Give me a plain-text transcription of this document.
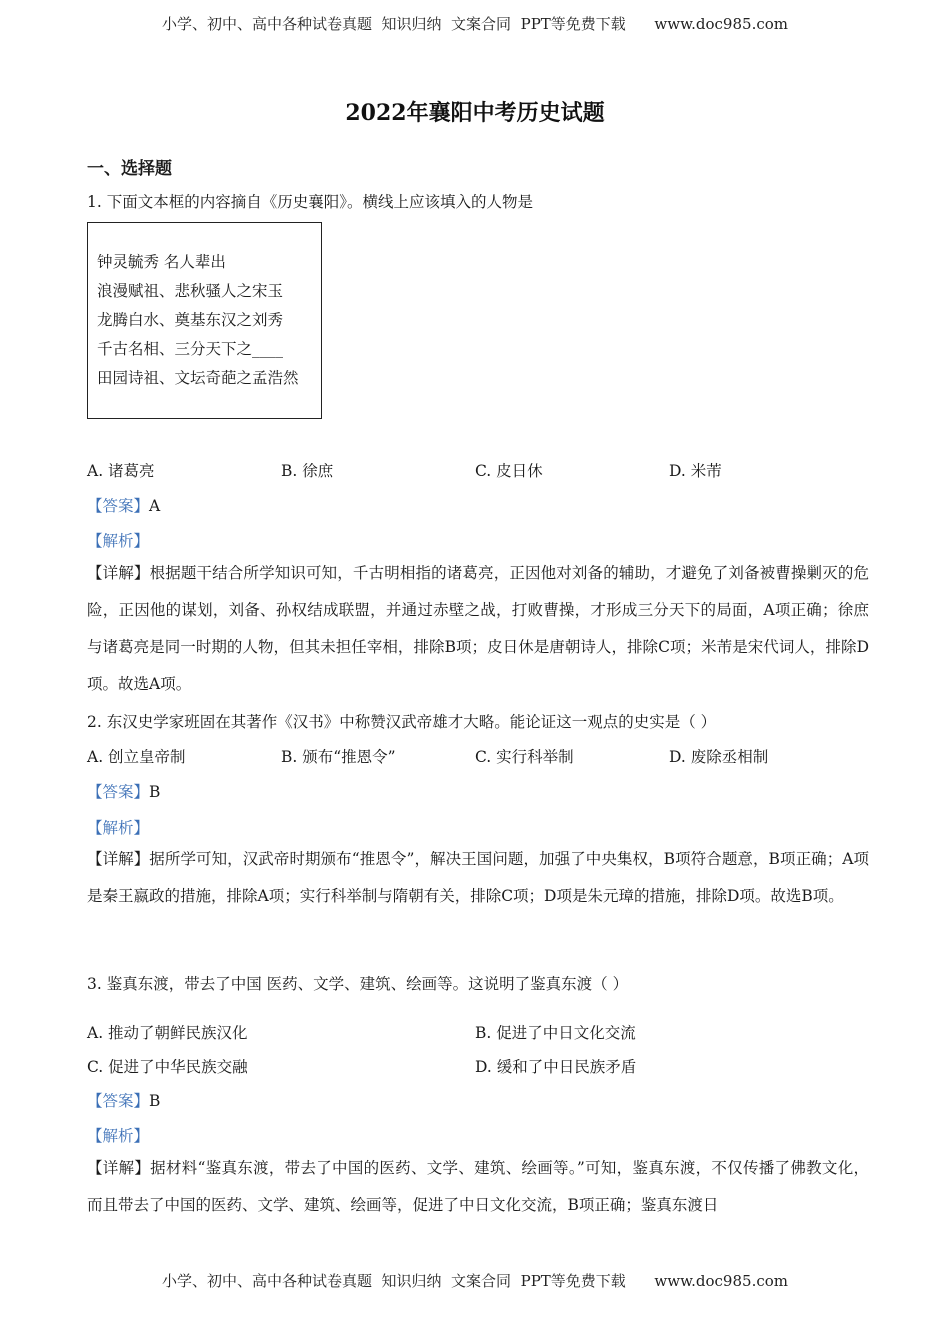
小学、初中、高中各种试卷真题  知识归纳  文案合同  PPT等免费下载      www.doc985.com
2022年襄阳中考历史试题
一、选择题
1. 下面文本框的内容摘自《历史襄阳》。横线上应该填入的人物是
钟灵毓秀 名人辈出
浪漫赋祖、悲秋骚人之宋玉
龙腾白水、奠基东汉之刘秀
千古名相、三分天下之____
田园诗祖、文坛奇葩之孟浩然
A. 诸葛亮	B. 徐庶	C. 皮日休	D. 米芾
【答案】A
【解析】
【详解】根据题干结合所学知识可知，千古明相指的诸葛亮，正因他对刘备的辅助，才避免了刘备被曹操剿灭的危险，正因他的谋划，刘备、孙权结成联盟，并通过赤壁之战，打败曹操，才形成三分天下的局面，A项正确；徐庶与诸葛亮是同一时期的人物，但其未担任宰相，排除B项；皮日休是唐朝诗人，排除C项；米芾是宋代词人，排除D项。故选A项。
2. 东汉史学家班固在其著作《汉书》中称赞汉武帝雄才大略。能论证这一观点的史实是（ ）
A. 创立皇帝制	B. 颁布“推恩令”	C. 实行科举制	D. 废除丞相制
【答案】B
【解析】
【详解】据所学可知，汉武帝时期颁布“推恩令”，解决王国问题，加强了中央集权，B项符合题意，B项正确；A项是秦王嬴政的措施，排除A项；实行科举制与隋朝有关，排除C项；D项是朱元璋的措施，排除D项。故选B项。
3. 鉴真东渡，带去了中国 医药、文学、建筑、绘画等。这说明了鉴真东渡（ ）
A. 推动了朝鲜民族汉化	B. 促进了中日文化交流
C. 促进了中华民族交融	D. 缓和了中日民族矛盾
【答案】B
【解析】
【详解】据材料“鉴真东渡，带去了中国的医药、文学、建筑、绘画等。”可知，鉴真东渡，不仅传播了佛教文化，而且带去了中国的医药、文学、建筑、绘画等，促进了中日文化交流，B项正确；鉴真东渡日
小学、初中、高中各种试卷真题  知识归纳  文案合同  PPT等免费下载      www.doc985.com
